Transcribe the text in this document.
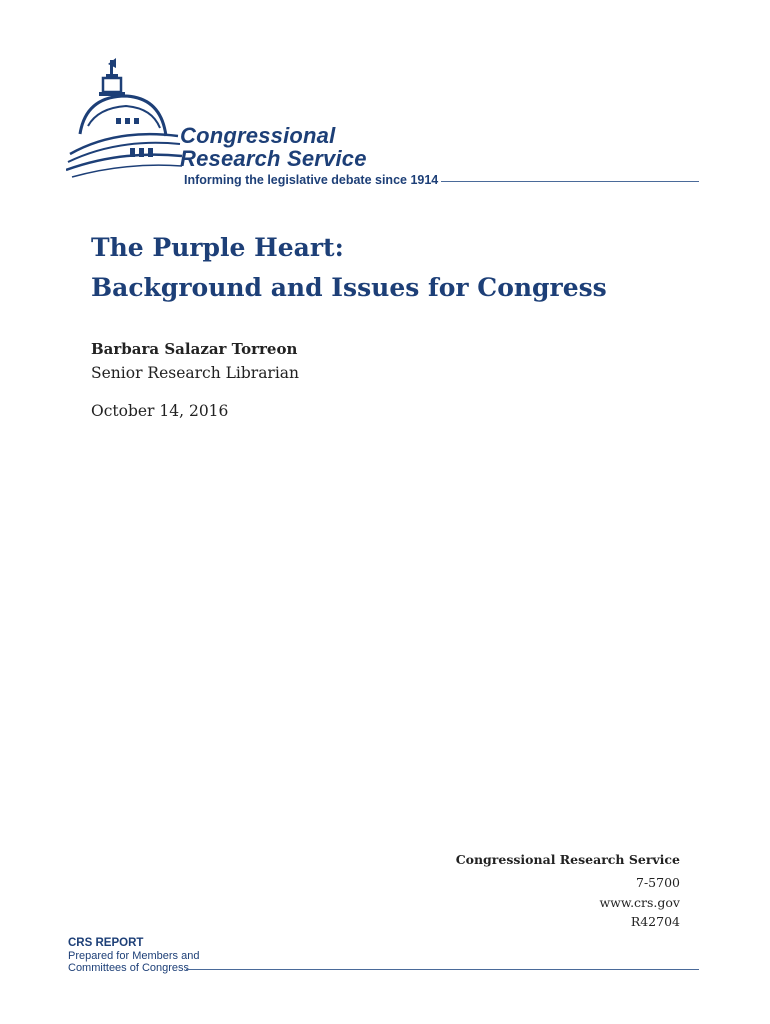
Congressional
Research Service
Informing the legislative debate since 1914
The Purple Heart:
Background and Issues for Congress
Barbara Salazar Torreon
Senior Research Librarian
October 14, 2016
Congressional Research Service
7-5700
www.crs.gov
R42704
CRS REPORT
Prepared for Members and
Committees of Congress
